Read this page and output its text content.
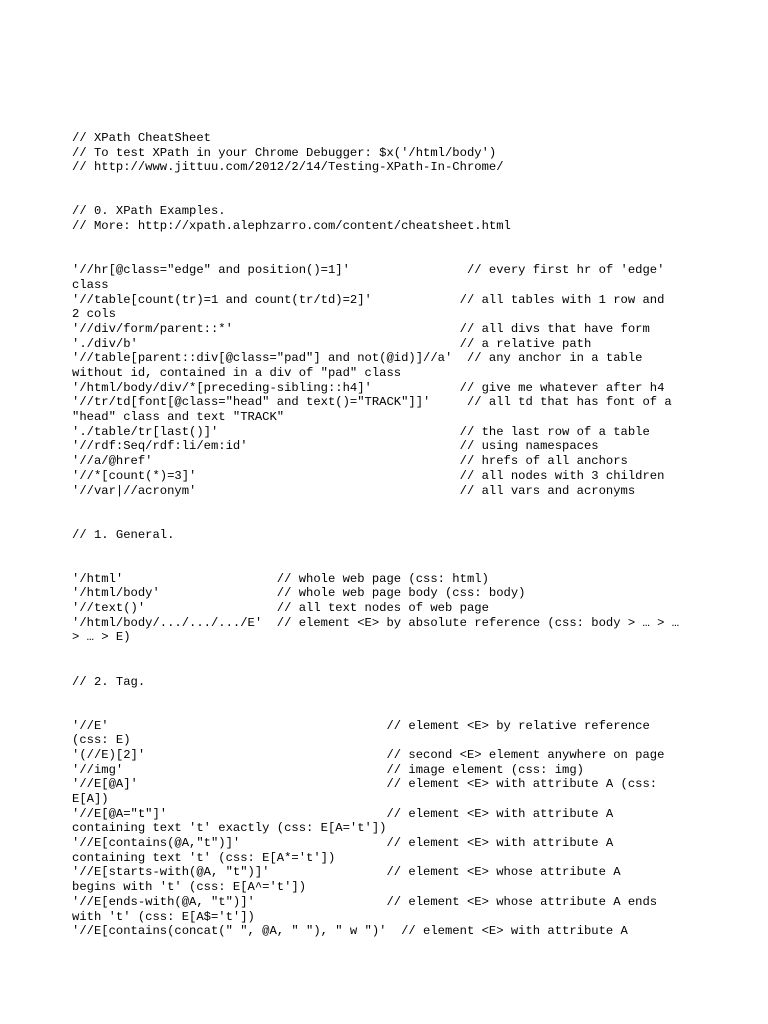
// XPath CheatSheet
// To test XPath in your Chrome Debugger: $x('/html/body')
// http://www.jittuu.com/2012/2/14/Testing-XPath-In-Chrome/
// 0. XPath Examples.
// More: http://xpath.alephzarro.com/content/cheatsheet.html
'//hr[@class="edge" and position()=1]'                // every first hr of 'edge'
class
'//table[count(tr)=1 and count(tr/td)=2]'            // all tables with 1 row and
2 cols
'//div/form/parent::*'                               // all divs that have form
'./div/b'                                            // a relative path
'//table[parent::div[@class="pad"] and not(@id)]//a'  // any anchor in a table
without id, contained in a div of "pad" class
'/html/body/div/*[preceding-sibling::h4]'            // give me whatever after h4
'//tr/td[font[@class="head" and text()="TRACK"]]'     // all td that has font of a
"head" class and text "TRACK"
'./table/tr[last()]'                                 // the last row of a table
'//rdf:Seq/rdf:li/em:id'                             // using namespaces
'//a/@href'                                          // hrefs of all anchors
'//*[count(*)=3]'                                    // all nodes with 3 children
'//var|//acronym'                                    // all vars and acronyms
// 1. General.
'/html'                     // whole web page (css: html)
'/html/body'                // whole web page body (css: body)
'//text()'                  // all text nodes of web page
'/html/body/.../.../.../E'  // element <E> by absolute reference (css: body > … > …
> … > E)
// 2. Tag.
'//E'                                      // element <E> by relative reference
(css: E)
'(//E)[2]'                                 // second <E> element anywhere on page
'//img'                                    // image element (css: img)
'//E[@A]'                                  // element <E> with attribute A (css:
E[A])
'//E[@A="t"]'                              // element <E> with attribute A
containing text 't' exactly (css: E[A='t'])
'//E[contains(@A,"t")]'                    // element <E> with attribute A
containing text 't' (css: E[A*='t'])
'//E[starts-with(@A, "t")]'                // element <E> whose attribute A
begins with 't' (css: E[A^='t'])
'//E[ends-with(@A, "t")]'                  // element <E> whose attribute A ends
with 't' (css: E[A$='t'])
'//E[contains(concat(" ", @A, " "), " w ")'  // element <E> with attribute A
